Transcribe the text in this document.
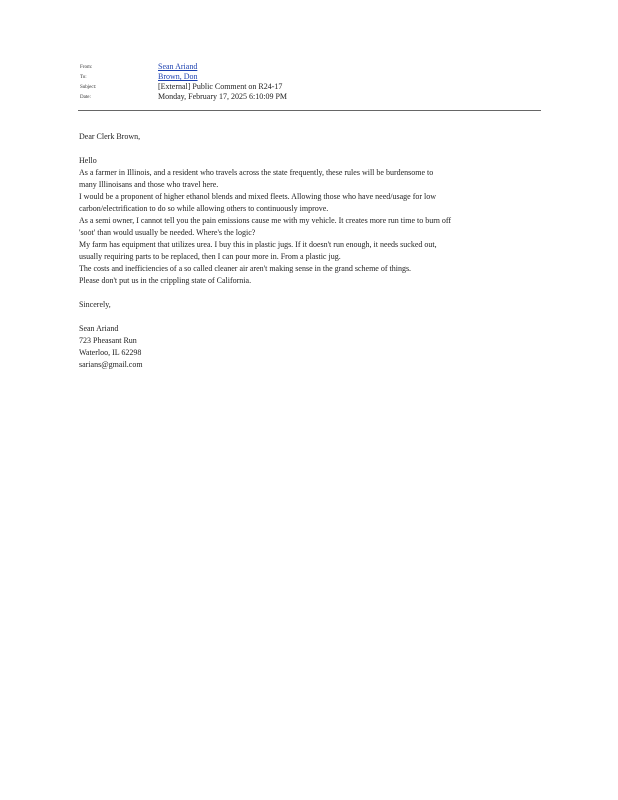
From:	Sean Ariand
To:	Brown, Don
Subject:	[External] Public Comment on R24-17
Date:	Monday, February 17, 2025 6:10:09 PM

Dear Clerk Brown,

Hello

As a farmer in Illinois, and a resident who travels across the state frequently, these rules will be burdensome to

many Illinoisans and those who travel here.

I would be a proponent of higher ethanol blends and mixed fleets. Allowing those who have need/usage for low

carbon/electrification to do so while allowing others to continuously improve.

As a semi owner, I cannot tell you the pain emissions cause me with my vehicle. It creates more run time to burn off

'soot' than would usually be needed. Where's the logic?

My farm has equipment that utilizes urea. I buy this in plastic jugs. If it doesn't run enough, it needs sucked out,

usually requiring parts to be replaced, then I can pour more in. From a plastic jug.

The costs and inefficiencies of a so called cleaner air aren't making sense in the grand scheme of things.

Please don't put us in the crippling state of California.

Sincerely,

Sean Ariand

723 Pheasant Run

Waterloo, IL 62298

sarians@gmail.com
